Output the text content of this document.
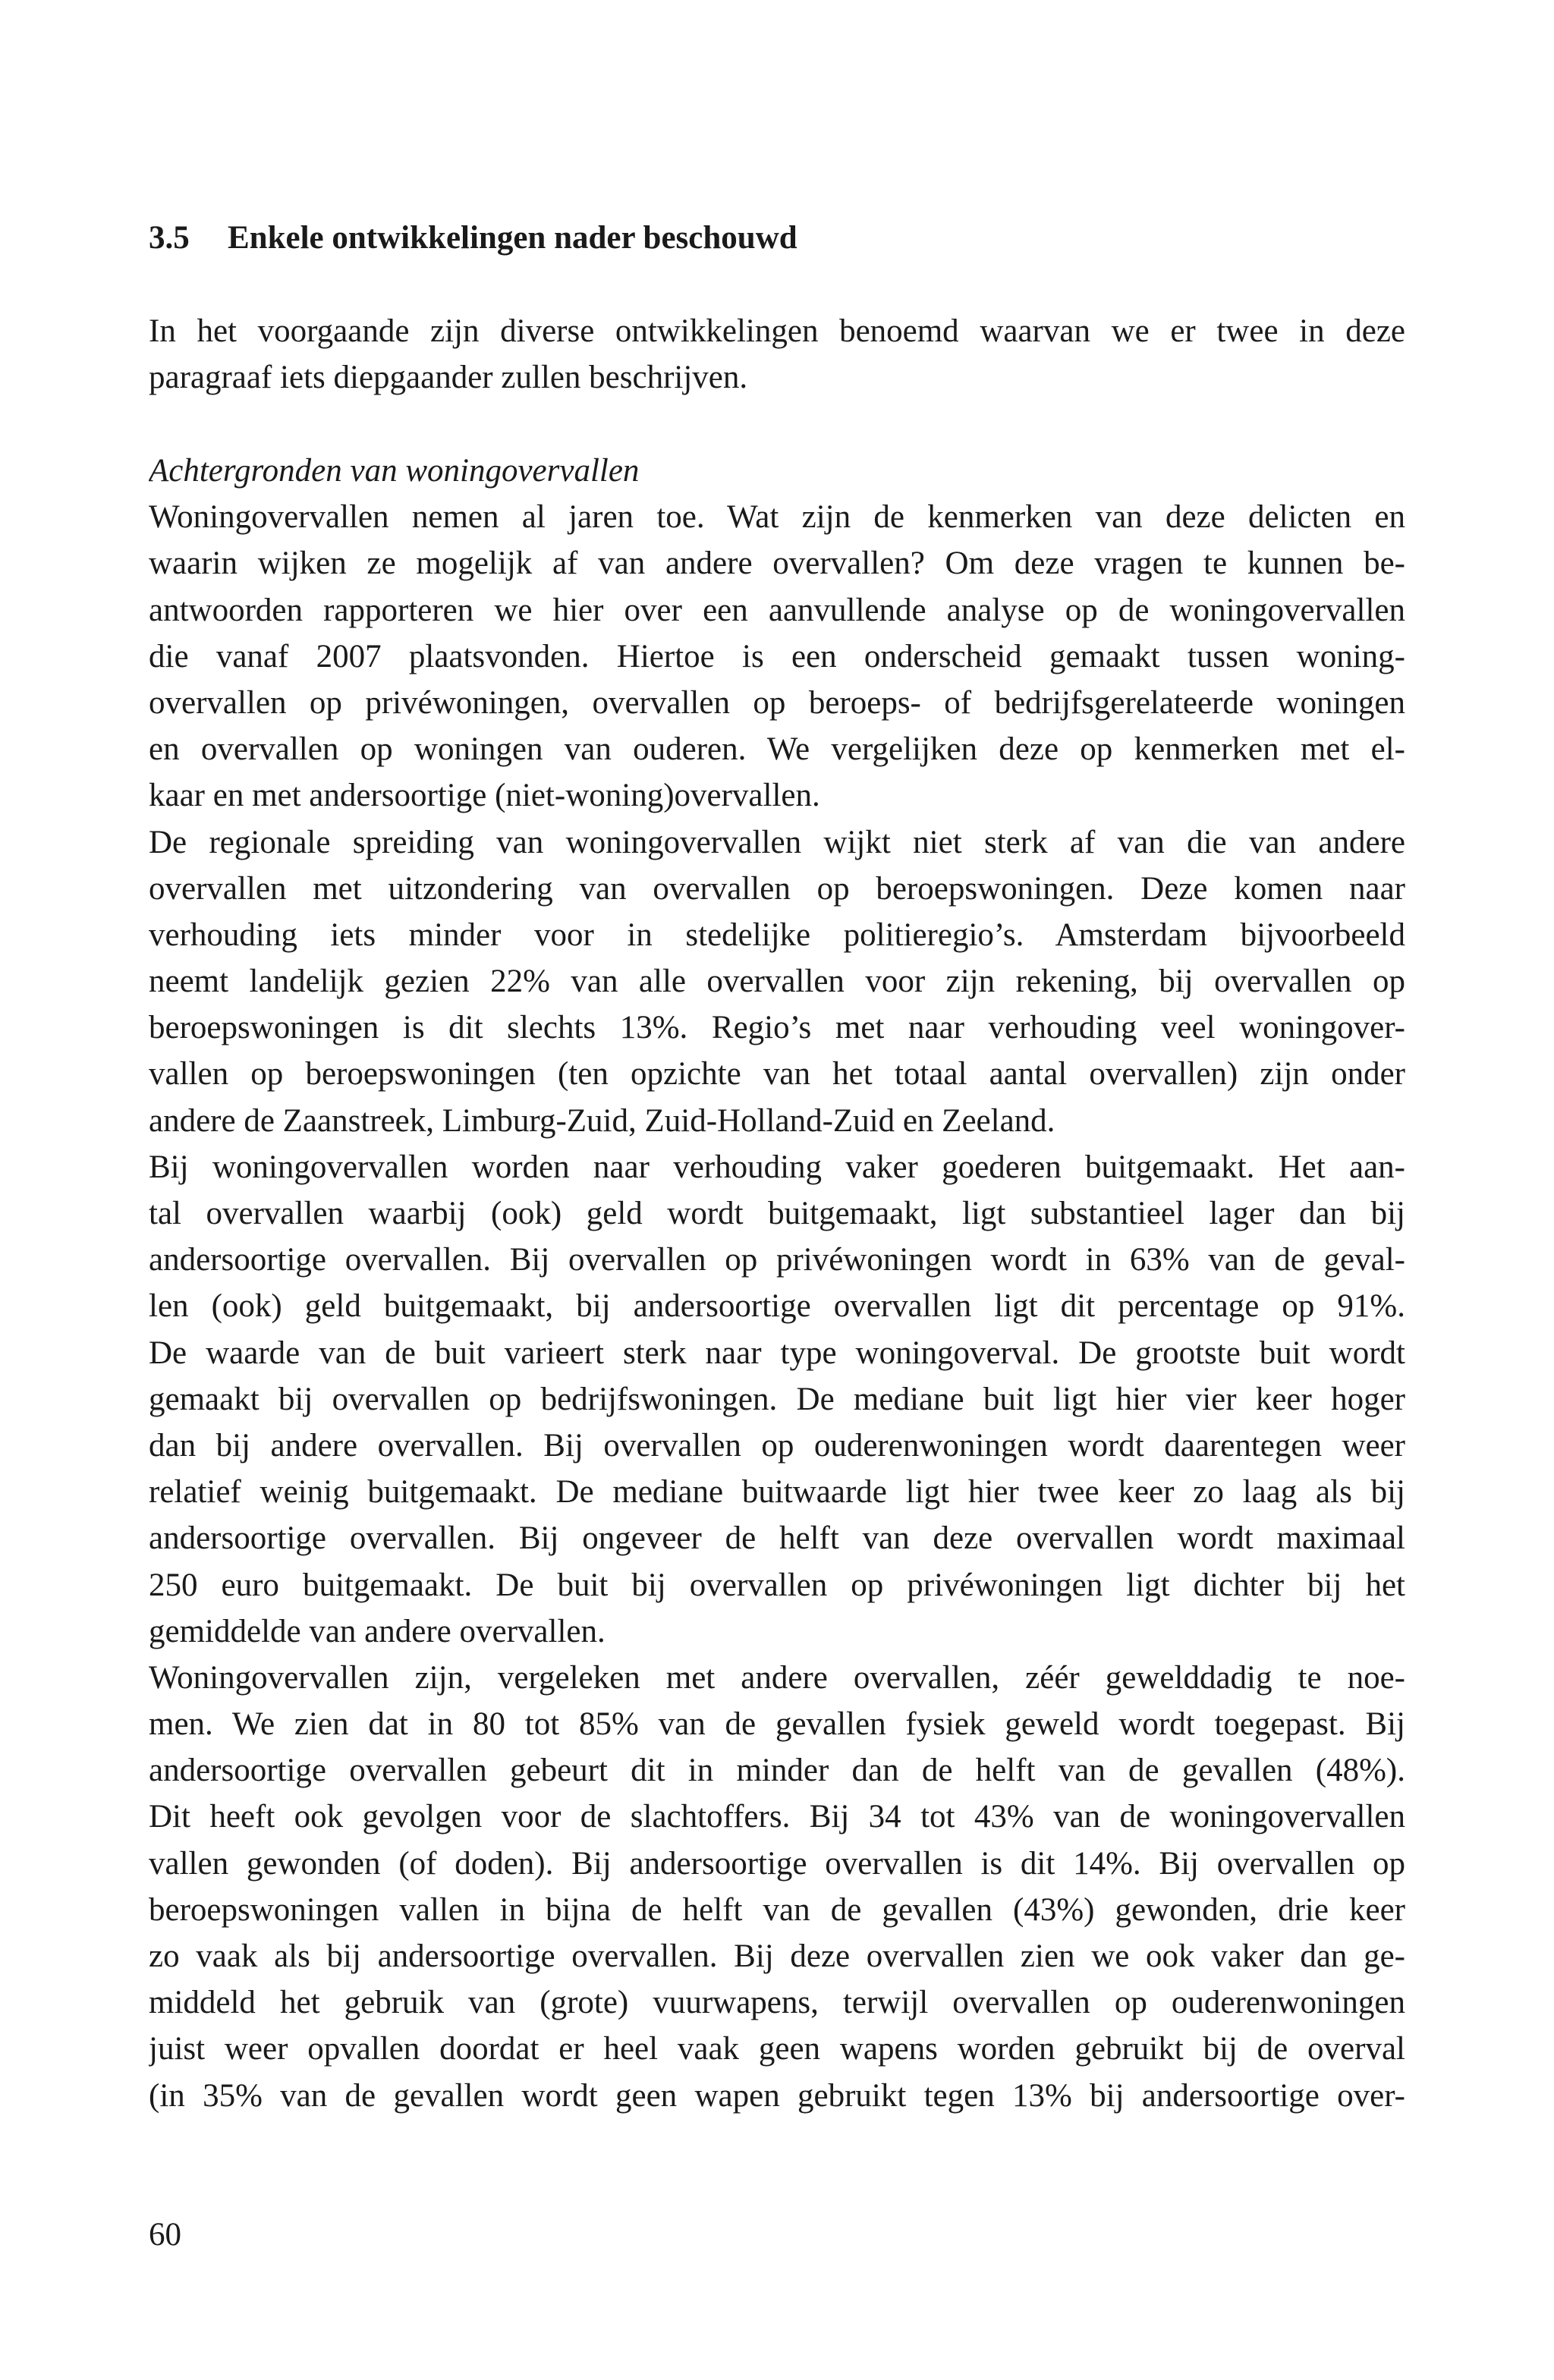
3.5 Enkele ontwikkelingen nader beschouwd
In het voorgaande zijn diverse ontwikkelingen benoemd waarvan we er twee in deze
paragraaf iets diepgaander zullen beschrijven.
Achtergronden van woningovervallen
Woningovervallen nemen al jaren toe. Wat zijn de kenmerken van deze delicten en
waarin wijken ze mogelijk af van andere overvallen? Om deze vragen te kunnen be-
antwoorden rapporteren we hier over een aanvullende analyse op de woningovervallen
die vanaf 2007 plaatsvonden. Hiertoe is een onderscheid gemaakt tussen woning-
overvallen op privéwoningen, overvallen op beroeps- of bedrijfsgerelateerde woningen
en overvallen op woningen van ouderen. We vergelijken deze op kenmerken met el-
kaar en met andersoortige (niet-woning)overvallen.
De regionale spreiding van woningovervallen wijkt niet sterk af van die van andere
overvallen met uitzondering van overvallen op beroepswoningen. Deze komen naar
verhouding iets minder voor in stedelijke politieregio’s. Amsterdam bijvoorbeeld
neemt landelijk gezien 22% van alle overvallen voor zijn rekening, bij overvallen op
beroepswoningen is dit slechts 13%. Regio’s met naar verhouding veel woningover-
vallen op beroepswoningen (ten opzichte van het totaal aantal overvallen) zijn onder
andere de Zaanstreek, Limburg-Zuid, Zuid-Holland-Zuid en Zeeland.
Bij woningovervallen worden naar verhouding vaker goederen buitgemaakt. Het aan-
tal overvallen waarbij (ook) geld wordt buitgemaakt, ligt substantieel lager dan bij
andersoortige overvallen. Bij overvallen op privéwoningen wordt in 63% van de geval-
len (ook) geld buitgemaakt, bij andersoortige overvallen ligt dit percentage op 91%.
De waarde van de buit varieert sterk naar type woningoverval. De grootste buit wordt
gemaakt bij overvallen op bedrijfswoningen. De mediane buit ligt hier vier keer hoger
dan bij andere overvallen. Bij overvallen op ouderenwoningen wordt daarentegen weer
relatief weinig buitgemaakt. De mediane buitwaarde ligt hier twee keer zo laag als bij
andersoortige overvallen. Bij ongeveer de helft van deze overvallen wordt maximaal
250 euro buitgemaakt. De buit bij overvallen op privéwoningen ligt dichter bij het
gemiddelde van andere overvallen.
Woningovervallen zijn, vergeleken met andere overvallen, zéér gewelddadig te noe-
men. We zien dat in 80 tot 85% van de gevallen fysiek geweld wordt toegepast. Bij
andersoortige overvallen gebeurt dit in minder dan de helft van de gevallen (48%).
Dit heeft ook gevolgen voor de slachtoffers. Bij 34 tot 43% van de woningovervallen
vallen gewonden (of doden). Bij andersoortige overvallen is dit 14%. Bij overvallen op
beroepswoningen vallen in bijna de helft van de gevallen (43%) gewonden, drie keer
zo vaak als bij andersoortige overvallen. Bij deze overvallen zien we ook vaker dan ge-
middeld het gebruik van (grote) vuurwapens, terwijl overvallen op ouderenwoningen
juist weer opvallen doordat er heel vaak geen wapens worden gebruikt bij de overval
(in 35% van de gevallen wordt geen wapen gebruikt tegen 13% bij andersoortige over-
60
